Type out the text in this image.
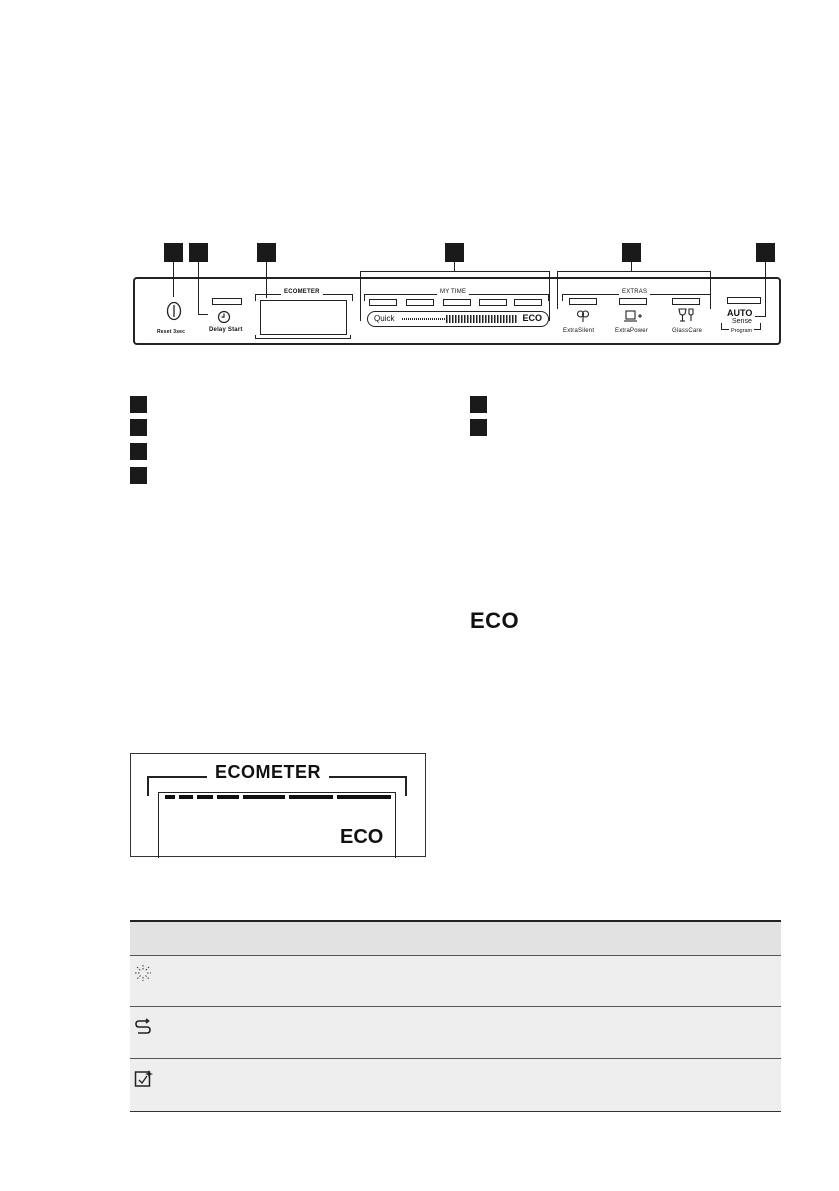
Reset 3sec	Delay Start
ECOMETER	MY TIME
Quick	ECO
EXTRAS
ExtraSilent	ExtraPower	GlassCare
AUTO
Sense
Program
ECO
ECOMETER
ECO
